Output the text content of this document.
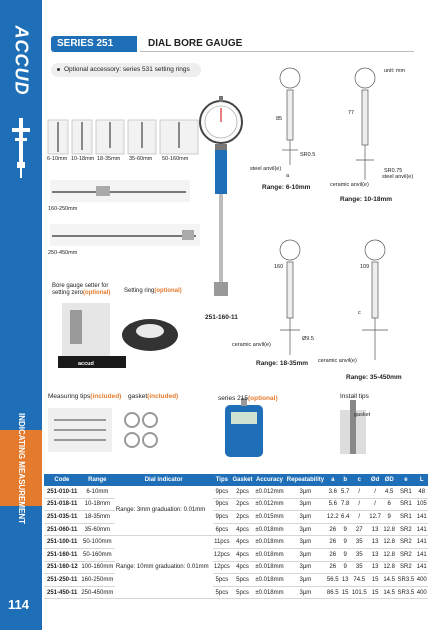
ACCUD
INDICATING MEASUREMENT
114
SERIES 251	DIAL BORE GAUGE
Optional accessory: series 531 setting rings
6-10mm 10-18mm 18-35mm 35-60mm 50-160mm
160-250mm
250-450mm
Bore gauge setter for setting zero(optional) Setting ring(optional)
accud
251-160-11
unit: mm
85
77
SR0.5
steel anvil(e)
a
SR0.75
steel anvil(e)
ceramic anvil(e)
Range: 6-10mm
Range: 10-18mm
160	109
c
ceramic anvil(e)
Ø9.5
ceramic anvil(e)
Range: 18-35mm
Range: 35-450mm
Measuring tips(included) gasket(included)	series 215(optional)	Install tips
gasket
Code	Range	Dial indicator	Tips	Gasket	Accuracy	Repeatability	a	b	c	Ød	ØD	e	L
251-010-11	6-10mm	Range: 3mm graduation: 0.01mm	9pcs	2pcs	±0.012mm	3μm	3.6	5.7	/	/	4.5	SR1	48
251-018-11	10-18mm		9pcs	2pcs	±0.012mm	3μm	5.6	7.8	/	/	6	SR1	105
251-035-11	18-35mm		9pcs	2pcs	±0.015mm	3μm	12.2	6.4	/	12.7	9	SR1	141
251-060-11	35-60mm		6pcs	4pcs	±0.018mm	3μm	26	9	27	13	12.8	SR2	141
251-100-11	50-100mm	Range: 10mm graduation: 0.01mm	11pcs	4pcs	±0.018mm	3μm	26	9	35	13	12.8	SR2	141
251-160-11	50-160mm		12pcs	4pcs	±0.018mm	3μm	26	9	35	13	12.8	SR2	141
251-160-12	100-160mm		12pcs	4pcs	±0.018mm	3μm	26	9	35	13	12.8	SR2	141
251-250-11	160-250mm		5pcs	5pcs	±0.018mm	3μm	56.5	13	74.5	15	14.5	SR3.5	400
251-450-11	250-450mm		5pcs	5pcs	±0.018mm	3μm	86.5	15	101.5	15	14.5	SR3.5	400
